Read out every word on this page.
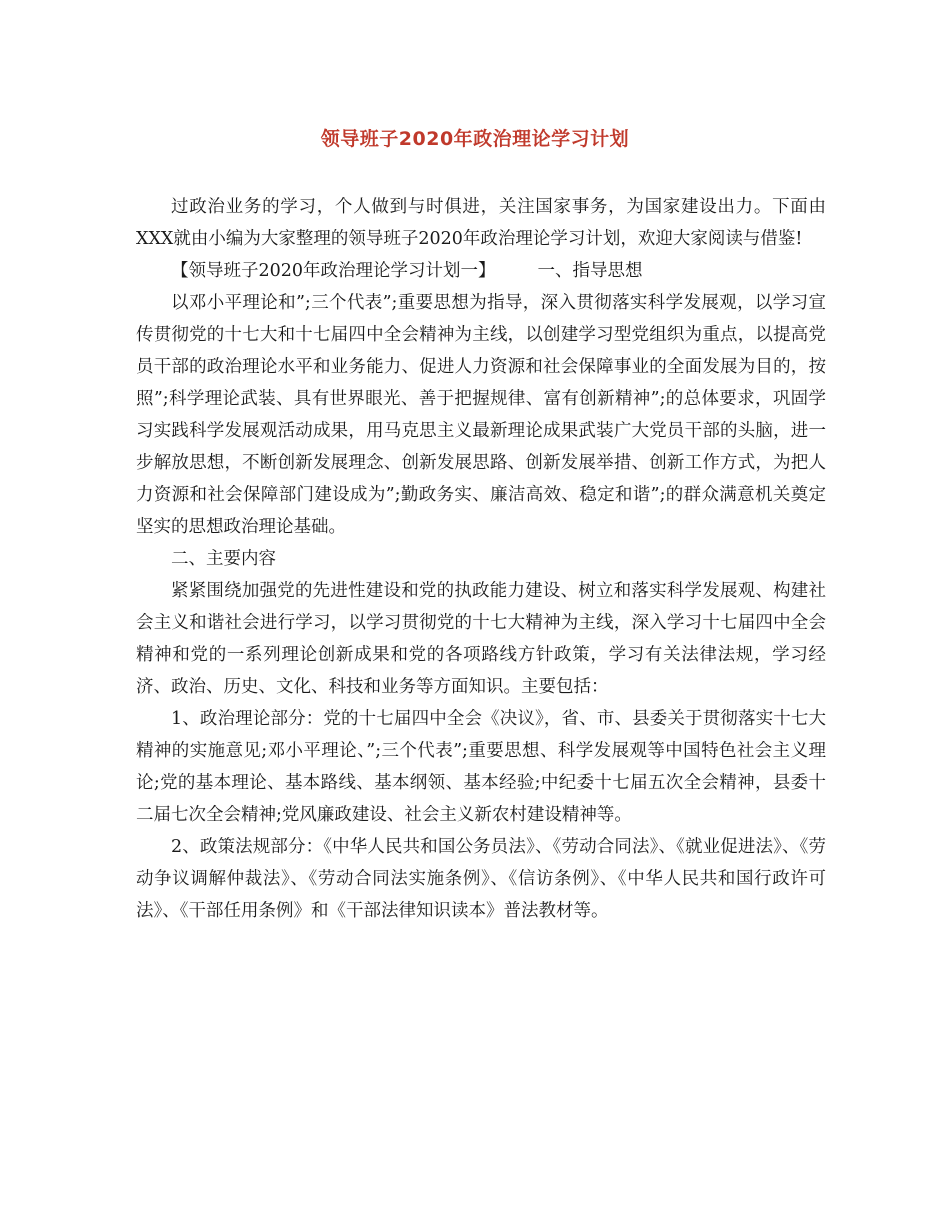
领导班子2020年政治理论学习计划

过政治业务的学习，个人做到与时俱进，关注国家事务，为国家建设出力。下面由XXX就由小编为大家整理的领导班子2020年政治理论学习计划，欢迎大家阅读与借鉴!

【领导班子2020年政治理论学习计划一】 一、指导思想

以邓小平理论和”;三个代表”;重要思想为指导，深入贯彻落实科学发展观，以学习宣传贯彻党的十七大和十七届四中全会精神为主线，以创建学习型党组织为重点，以提高党员干部的政治理论水平和业务能力、促进人力资源和社会保障事业的全面发展为目的，按照”;科学理论武装、具有世界眼光、善于把握规律、富有创新精神”;的总体要求，巩固学习实践科学发展观活动成果，用马克思主义最新理论成果武装广大党员干部的头脑，进一步解放思想，不断创新发展理念、创新发展思路、创新发展举措、创新工作方式，为把人力资源和社会保障部门建设成为”;勤政务实、廉洁高效、稳定和谐”;的群众满意机关奠定坚实的思想政治理论基础。

二、主要内容

紧紧围绕加强党的先进性建设和党的执政能力建设、树立和落实科学发展观、构建社会主义和谐社会进行学习，以学习贯彻党的十七大精神为主线，深入学习十七届四中全会精神和党的一系列理论创新成果和党的各项路线方针政策，学习有关法律法规，学习经济、政治、历史、文化、科技和业务等方面知识。主要包括：

1、政治理论部分：党的十七届四中全会《决议》，省、市、县委关于贯彻落实十七大精神的实施意见;邓小平理论、”;三个代表”;重要思想、科学发展观等中国特色社会主义理论;党的基本理论、基本路线、基本纲领、基本经验;中纪委十七届五次全会精神，县委十二届七次全会精神;党风廉政建设、社会主义新农村建设精神等。

2、政策法规部分：《中华人民共和国公务员法》、《劳动合同法》、《就业促进法》、《劳动争议调解仲裁法》、《劳动合同法实施条例》、《信访条例》、《中华人民共和国行政许可法》、《干部任用条例》和《干部法律知识读本》普法教材等。
